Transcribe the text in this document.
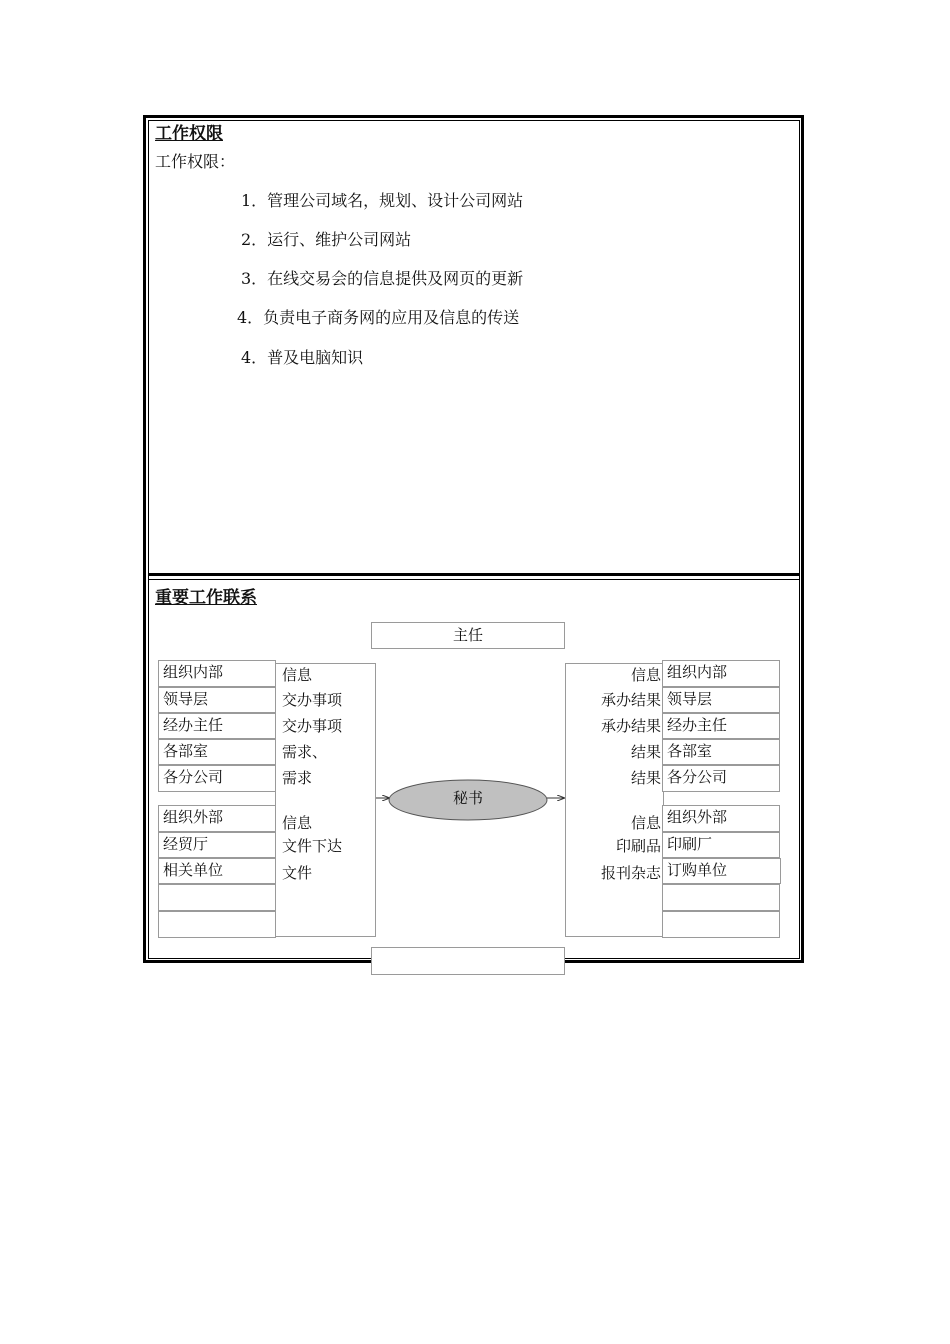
工作权限
工作权限：
1．管理公司域名，规划、设计公司网站
2．运行、维护公司网站
3．在线交易会的信息提供及网页的更新
4．负责电子商务网的应用及信息的传送
4．普及电脑知识
重要工作联系
主任
组织内部
领导层
经办主任
各部室
各分公司
组织外部
经贸厅
相关单位
信息
交办事项
交办事项
需求、
需求
信息
文件下达
文件
信息
承办结果
承办结果
结果
结果
信息
印刷品
报刊杂志
组织内部
领导层
经办主任
各部室
各分公司
组织外部
印刷厂
订购单位
秘书
